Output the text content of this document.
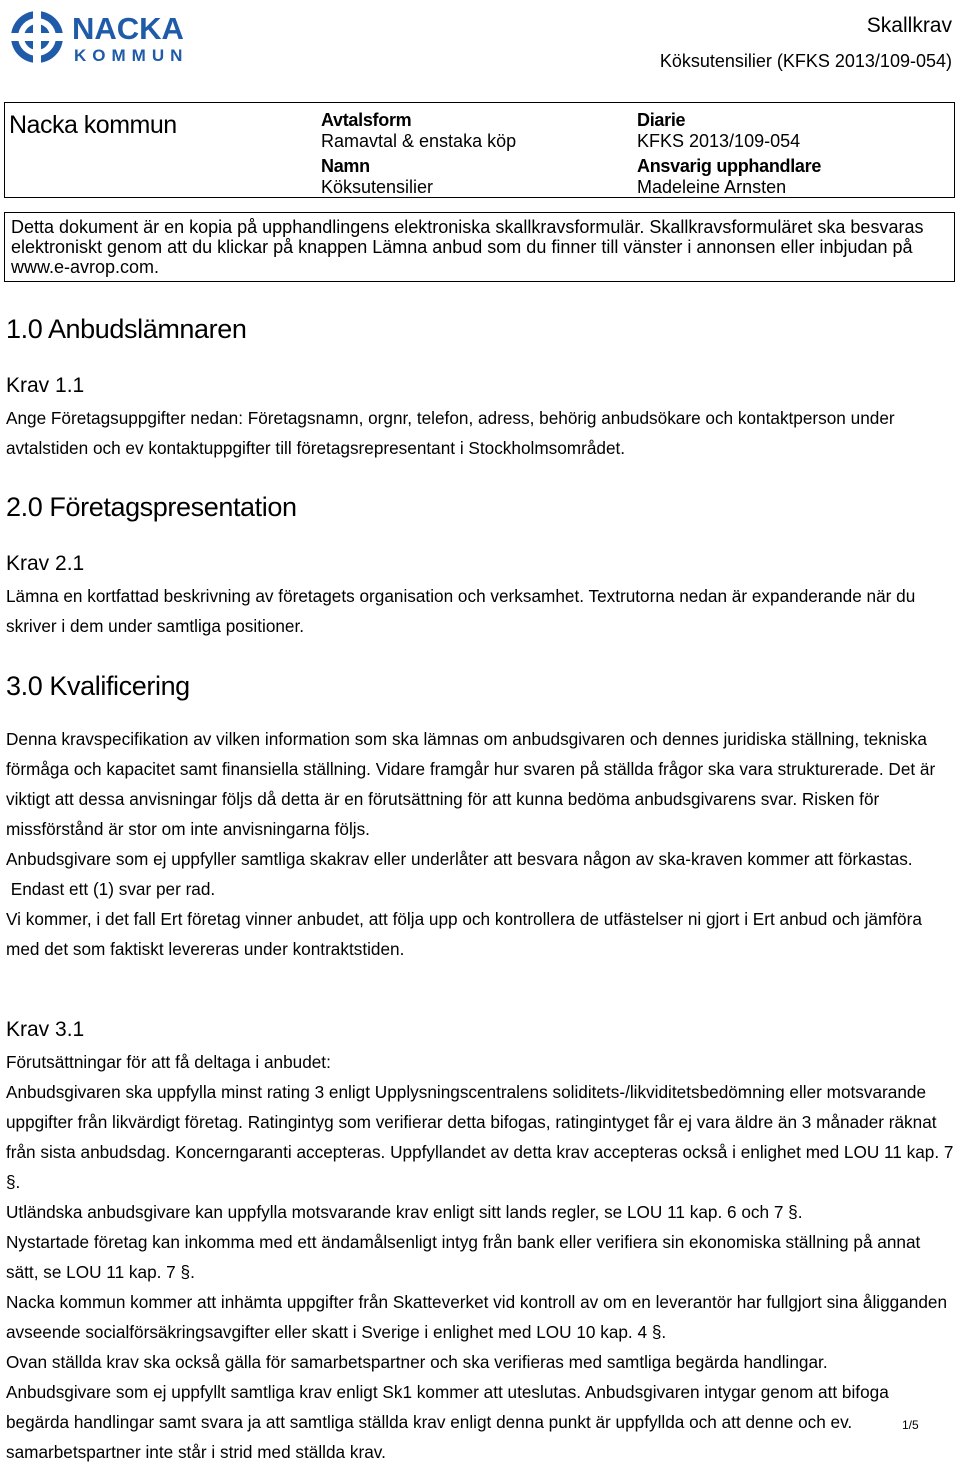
NACKA
KOMMUN
Skallkrav
Köksutensilier (KFKS 2013/109-054)
Nacka kommun	Avtalsform
Ramavtal & enstaka köp
Namn
Köksutensilier
Diarie
KFKS 2013/109-054
Ansvarig upphandlare
Madeleine Arnsten
Detta dokument är en kopia på upphandlingens elektroniska skallkravsformulär. Skallkravsformuläret ska besvaras elektroniskt genom att du klickar på knappen Lämna anbud som du finner till vänster i annonsen eller inbjudan på www.e-avrop.com.
1.0 Anbudslämnaren
Krav 1.1
Ange Företagsuppgifter nedan: Företagsnamn, orgnr, telefon, adress, behörig anbudsökare och kontaktperson under avtalstiden och ev kontaktuppgifter till företagsrepresentant i Stockholmsområdet.
2.0 Företagspresentation
Krav 2.1
Lämna en kortfattad beskrivning av företagets organisation och verksamhet. Textrutorna nedan är expanderande när du skriver i dem under samtliga positioner.
3.0 Kvalificering

Denna kravspecifikation av vilken information som ska lämnas om anbudsgivaren och dennes juridiska ställning, tekniska förmåga och kapacitet samt finansiella ställning. Vidare framgår hur svaren på ställda frågor ska vara strukturerade. Det är viktigt att dessa anvisningar följs då detta är en förutsättning för att kunna bedöma anbudsgivarens svar. Risken för missförstånd är stor om inte anvisningarna följs.

Anbudsgivare som ej uppfyller samtliga skakrav eller underlåter att besvara någon av ska-kraven kommer att förkastas.

Endast ett (1) svar per rad.

Vi kommer, i det fall Ert företag vinner anbudet, att följa upp och kontrollera de utfästelser ni gjort i Ert anbud och jämföra med det som faktiskt levereras under kontraktstiden.

Krav 3.1

Förutsättningar för att få deltaga i anbudet:

Anbudsgivaren ska uppfylla minst rating 3 enligt Upplysningscentralens soliditets-/likviditetsbedömning eller motsvarande uppgifter från likvärdigt företag. Ratingintyg som verifierar detta bifogas, ratingintyget får ej vara äldre än 3 månader räknat från sista anbudsdag. Koncerngaranti accepteras. Uppfyllandet av detta krav accepteras också i enlighet med LOU 11 kap. 7 §.

Utländska anbudsgivare kan uppfylla motsvarande krav enligt sitt lands regler, se LOU 11 kap. 6 och 7 §.

Nystartade företag kan inkomma med ett ändamålsenligt intyg från bank eller verifiera sin ekonomiska ställning på annat sätt, se LOU 11 kap. 7 §.

Nacka kommun kommer att inhämta uppgifter från Skatteverket vid kontroll av om en leverantör har fullgjort sina åligganden avseende socialförsäkringsavgifter eller skatt i Sverige i enlighet med LOU 10 kap. 4 §.

Ovan ställda krav ska också gälla för samarbetspartner och ska verifieras med samtliga begärda handlingar.

Anbudsgivare som ej uppfyllt samtliga krav enligt Sk1 kommer att uteslutas. Anbudsgivaren intygar genom att bifoga begärda handlingar samt svara ja att samtliga ställda krav enligt denna punkt är uppfyllda och att denne och ev. samarbetspartner inte står i strid med ställda krav.

1/5
